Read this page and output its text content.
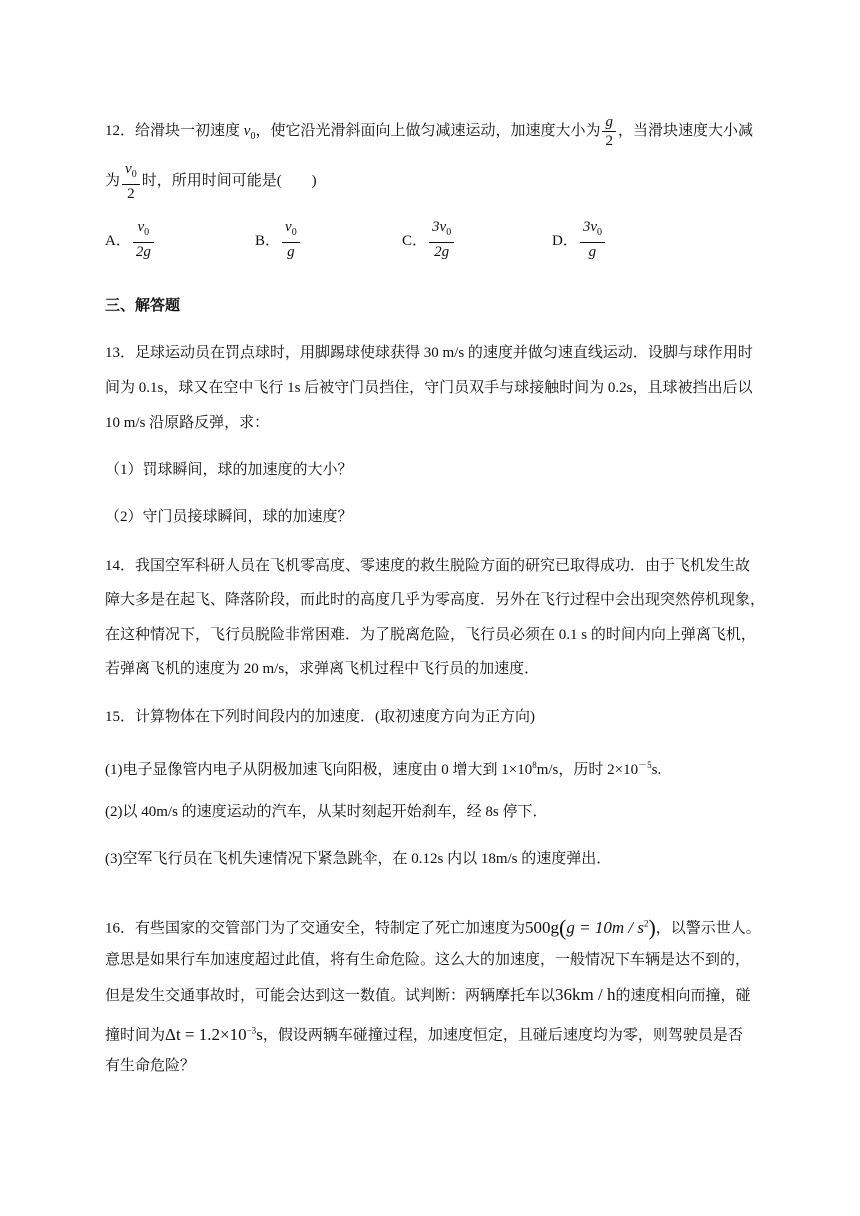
12．给滑块一初速度 $v_0$，使它沿光滑斜面向上做匀减速运动，加速度大小为 $\frac{g}{2}$ ，当滑块速度大小减
为 $\frac{v_0}{2}$ 时，所用时间可能是(　　)
A． $\frac{v_0}{2g}$	B． $\frac{v_0}{g}$	C． $\frac{3v_0}{2g}$	D． $\frac{3v_0}{g}$
三、解答题
13．足球运动员在罚点球时，用脚踢球使球获得 30 m/s 的速度并做匀速直线运动．设脚与球作用时
间为 0.1s，球又在空中飞行 1s 后被守门员挡住，守门员双手与球接触时间为 0.2s，且球被挡出后以
10 m/s 沿原路反弹，求：
（1）罚球瞬间，球的加速度的大小？
（2）守门员接球瞬间，球的加速度？
14．我国空军科研人员在飞机零高度、零速度的救生脱险方面的研究已取得成功．由于飞机发生故
障大多是在起飞、降落阶段，而此时的高度几乎为零高度．另外在飞行过程中会出现突然停机现象，
在这种情况下，飞行员脱险非常困难．为了脱离危险，飞行员必须在 0.1 s 的时间内向上弹离飞机，
若弹离飞机的速度为 20 m/s，求弹离飞机过程中飞行员的加速度．
15．计算物体在下列时间段内的加速度．(取初速度方向为正方向)
(1)电子显像管内电子从阴极加速飞向阳极，速度由 0 增大到 $1\times 10^8m/s$，历时 $2\times 10^{-5}s$.
(2)以 40m/s 的速度运动的汽车，从某时刻起开始刹车，经 8s 停下．
(3)空军飞行员在飞机失速情况下紧急跳伞，在 0.12s 内以 18m/s 的速度弹出．
16．有些国家的交管部门为了交通安全，特制定了死亡加速度为$500g(g = 10m / s^2)$，以警示世人。
意思是如果行车加速度超过此值，将有生命危险。这么大的加速度，一般情况下车辆是达不到的，
但是发生交通事故时，可能会达到这一数值。试判断：两辆摩托车以36km / h的速度相向而撞，碰
撞时间为$\Delta t = 1.2\times 10^{-3}s$，假设两辆车碰撞过程，加速度恒定，且碰后速度均为零，则驾驶员是否
有生命危险？
